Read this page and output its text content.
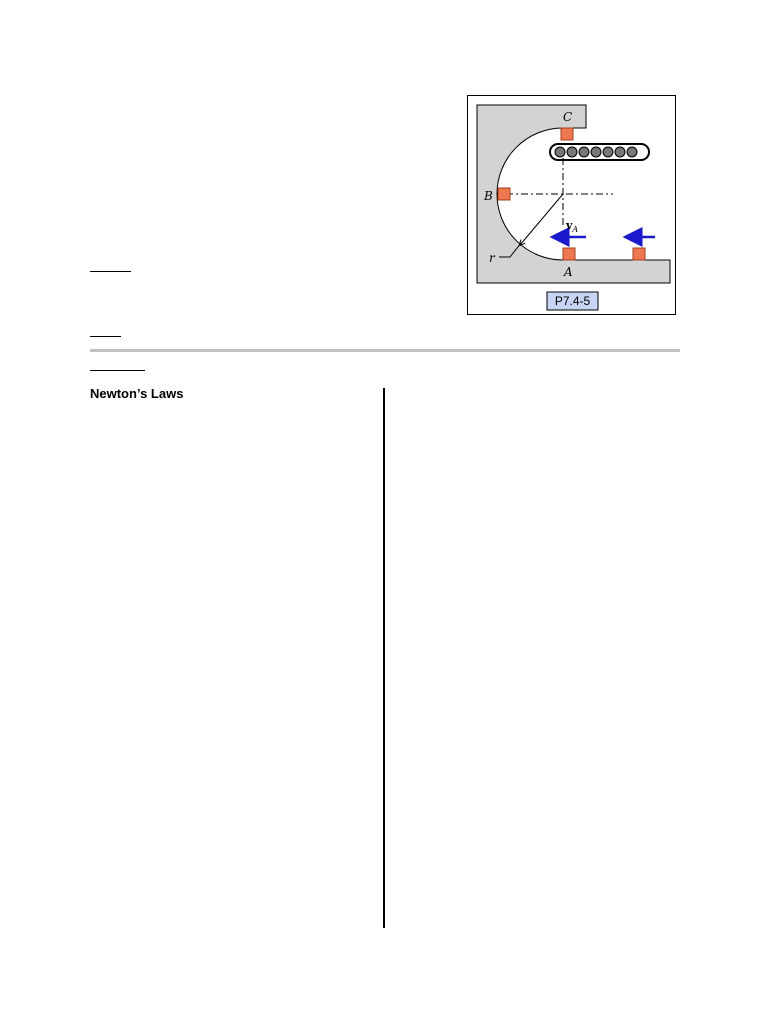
Newton’s Laws
C
B
A
r
$v_A$
P7.4-5
